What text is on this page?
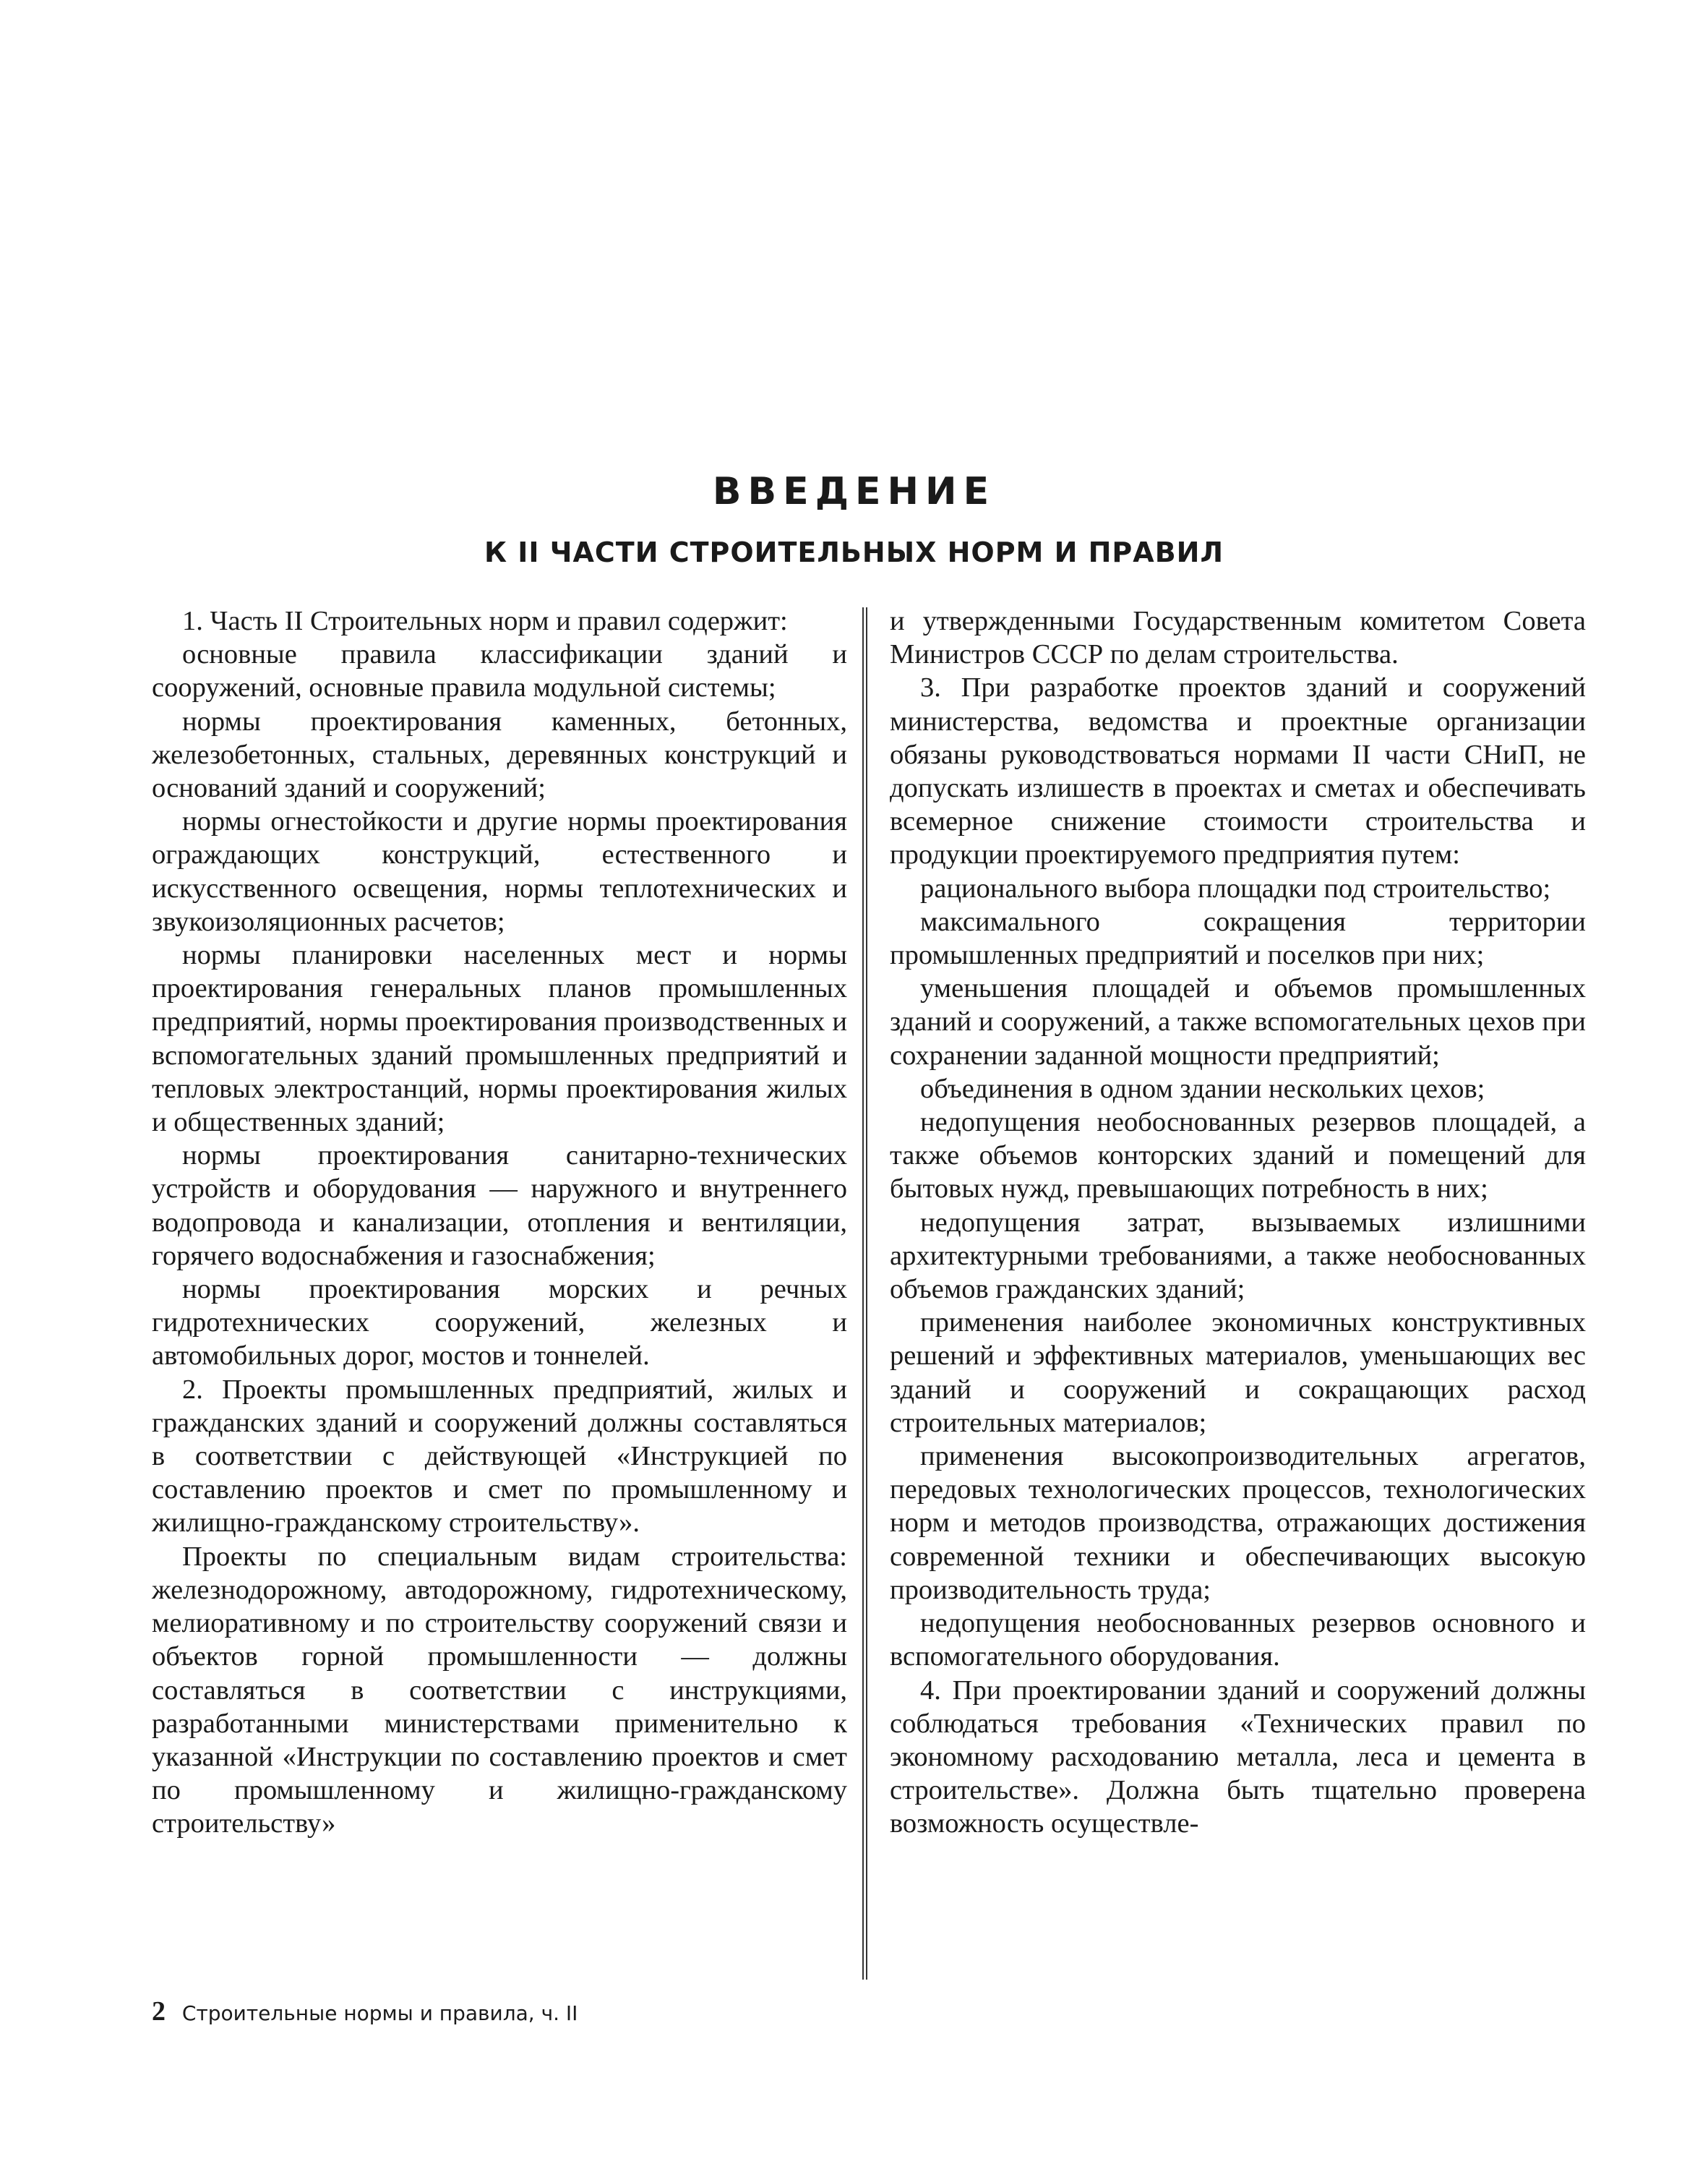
ВВЕДЕНИЕ
К II ЧАСТИ СТРОИТЕЛЬНЫХ НОРМ И ПРАВИЛ

1. Часть II Строительных норм и правил содержит:

основные правила классификации зданий и сооружений, основные правила модульной системы;

нормы проектирования каменных, бетонных, железобетонных, стальных, деревянных конструкций и оснований зданий и сооружений;

нормы огнестойкости и другие нормы проектирования ограждающих конструкций, естественного и искусственного освещения, нормы теплотехнических и звукоизоляционных расчетов;

нормы планировки населенных мест и нормы проектирования генеральных планов промышленных предприятий, нормы проектирования производственных и вспомогательных зданий промышленных предприятий и тепловых электростанций, нормы проектирования жилых и общественных зданий;

нормы проектирования санитарно-технических устройств и оборудования — наружного и внутреннего водопровода и канализации, отопления и вентиляции, горячего водоснабжения и газоснабжения;

нормы проектирования морских и речных гидротехнических сооружений, железных и автомобильных дорог, мостов и тоннелей.

2. Проекты промышленных предприятий, жилых и гражданских зданий и сооружений должны составляться в соответствии с действующей «Инструкцией по составлению проектов и смет по промышленному и жилищно-гражданскому строительству».

Проекты по специальным видам строительства: железнодорожному, автодорожному, гидротехническому, мелиоративному и по строительству сооружений связи и объектов горной промышленности — должны составляться в соответствии с инструкциями, разработанными министерствами применительно к указанной «Инструкции по составлению проектов и смет по промышленному и жилищно-гражданскому строительству»

и утвержденными Государственным комитетом Совета Министров СССР по делам строительства.

3. При разработке проектов зданий и сооружений министерства, ведомства и проектные организации обязаны руководствоваться нормами II части СНиП, не допускать излишеств в проектах и сметах и обеспечивать всемерное снижение стоимости строительства и продукции проектируемого предприятия путем:

рационального выбора площадки под строительство;

максимального сокращения территории промышленных предприятий и поселков при них;

уменьшения площадей и объемов промышленных зданий и сооружений, а также вспомогательных цехов при сохранении заданной мощности предприятий;

объединения в одном здании нескольких цехов;

недопущения необоснованных резервов площадей, а также объемов конторских зданий и помещений для бытовых нужд, превышающих потребность в них;

недопущения затрат, вызываемых излишними архитектурными требованиями, а также необоснованных объемов гражданских зданий;

применения наиболее экономичных конструктивных решений и эффективных материалов, уменьшающих вес зданий и сооружений и сокращающих расход строительных материалов;

применения высокопроизводительных агрегатов, передовых технологических процессов, технологических норм и методов производства, отражающих достижения современной техники и обеспечивающих высокую производительность труда;

недопущения необоснованных резервов основного и вспомогательного оборудования.

4. При проектировании зданий и сооружений должны соблюдаться требования «Технических правил по экономному расходованию металла, леса и цемента в строительстве». Должна быть тщательно проверена возможность осуществле-

2 Строительные нормы и правила, ч. II
